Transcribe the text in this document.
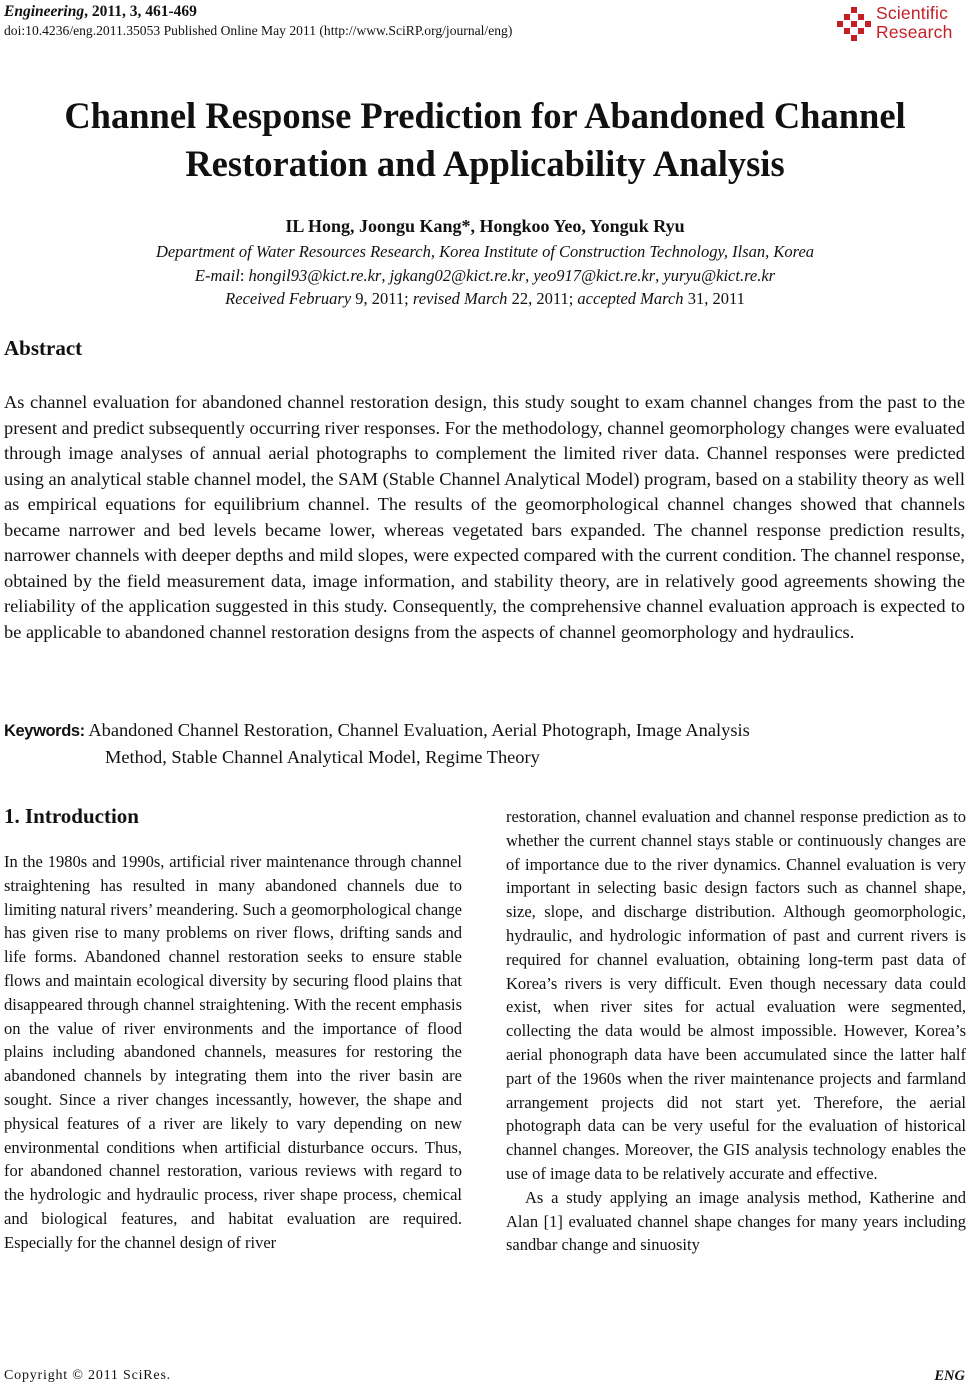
Engineering, 2011, 3, 461-469
doi:10.4236/eng.2011.35053 Published Online May 2011 (http://www.SciRP.org/journal/eng)
Scientific
Research
Channel Response Prediction for Abandoned Channel
Restoration and Applicability Analysis
IL Hong, Joongu Kang*, Hongkoo Yeo, Yonguk Ryu
Department of Water Resources Research, Korea Institute of Construction Technology, Ilsan, Korea
E-mail: hongil93@kict.re.kr, jgkang02@kict.re.kr, yeo917@kict.re.kr, yuryu@kict.re.kr
Received February 9, 2011; revised March 22, 2011; accepted March 31, 2011
Abstract

As channel evaluation for abandoned channel restoration design, this study sought to exam channel changes from the past to the present and predict subsequently occurring river responses. For the methodology, channel geomorphology changes were evaluated through image analyses of annual aerial photographs to complement the limited river data. Channel responses were predicted using an analytical stable channel model, the SAM (Stable Channel Analytical Model) program, based on a stability theory as well as empirical equations for equilibrium channel. The results of the geomorphological channel changes showed that channels became narrower and bed levels became lower, whereas vegetated bars expanded. The channel response prediction results, narrower channels with deeper depths and mild slopes, were expected compared with the current condition. The channel response, obtained by the field measurement data, image information, and stability theory, are in relatively good agreements showing the reliability of the application suggested in this study. Consequently, the comprehensive channel evaluation approach is expected to be applicable to abandoned channel restoration designs from the aspects of channel geomorphology and hydraulics.

Keywords: Abandoned Channel Restoration, Channel Evaluation, Aerial Photograph, Image Analysis
Method, Stable Channel Analytical Model, Regime Theory
1. Introduction

In the 1980s and 1990s, artificial river maintenance through channel straightening has resulted in many abandoned channels due to limiting natural rivers’ meandering. Such a geomorphological change has given rise to many problems on river flows, drifting sands and life forms. Abandoned channel restoration seeks to ensure stable flows and maintain ecological diversity by securing flood plains that disappeared through channel straightening. With the recent emphasis on the value of river environments and the importance of flood plains including abandoned channels, measures for restoring the abandoned channels by integrating them into the river basin are sought. Since a river changes incessantly, however, the shape and physical features of a river are likely to vary depending on new environmental conditions when artificial disturbance occurs. Thus, for abandoned channel restoration, various reviews with regard to the hydrologic and hydraulic process, river shape process, chemical and biological features, and habitat evaluation are required. Especially for the channel design of river

restoration, channel evaluation and channel response prediction as to whether the current channel stays stable or continuously changes are of importance due to the river dynamics. Channel evaluation is very important in selecting basic design factors such as channel shape, size, slope, and discharge distribution. Although geomorphologic, hydraulic, and hydrologic information of past and current rivers is required for channel evaluation, obtaining long-term past data of Korea’s rivers is very difficult. Even though necessary data could exist, when river sites for actual evaluation were segmented, collecting the data would be almost impossible. However, Korea’s aerial phonograph data have been accumulated since the latter half part of the 1960s when the river maintenance projects and farmland arrangement projects did not start yet. Therefore, the aerial photograph data can be very useful for the evaluation of historical channel changes. Moreover, the GIS analysis technology enables the use of image data to be relatively accurate and effective.

As a study applying an image analysis method, Katherine and Alan [1] evaluated channel shape changes for many years including sandbar change and sinuosity

Copyright © 2011 SciRes.	ENG
